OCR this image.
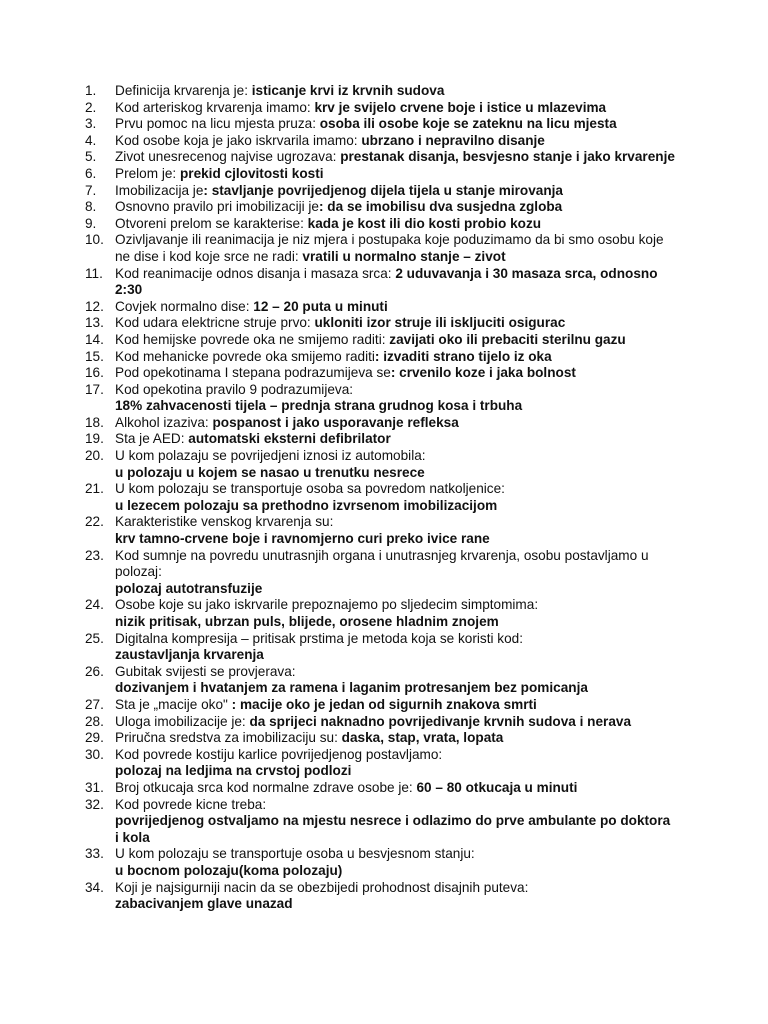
1.	Definicija krvarenja je: isticanje krvi iz krvnih sudova
2.	Kod arteriskog krvarenja imamo: krv je svijelo crvene boje i istice u mlazevima
3.	Prvu pomoc na licu mjesta pruza: osoba ili osobe koje se zateknu na licu mjesta
4.	Kod osobe koja je jako iskrvarila imamo: ubrzano i nepravilno disanje
5.	Zivot unesrecenog najvise ugrozava: prestanak disanja, besvjesno stanje i jako krvarenje
6.	Prelom je: prekid cjlovitosti kosti
7.	Imobilizacija je: stavljanje povrijedjenog dijela tijela u stanje mirovanja
8.	Osnovno pravilo pri imobilizaciji je: da se imobilisu dva susjedna zgloba
9.	Otvoreni prelom se karakterise: kada je kost ili dio kosti probio kozu
10. Ozivljavanje ili reanimacija je niz mjera i postupaka koje poduzimamo da bi smo osobu koje ne dise i kod koje srce ne radi: vratili u normalno stanje – zivot
11. Kod reanimacije odnos disanja i masaza srca: 2 uduvavanja i 30 masaza srca, odnosno 2:30
12. Covjek normalno dise: 12 – 20 puta u minuti
13. Kod udara elektricne struje prvo: ukloniti izor struje ili iskljuciti osigurac
14. Kod hemijske povrede oka ne smijemo raditi: zavijati oko ili prebaciti sterilnu gazu
15. Kod mehanicke povrede oka smijemo raditi: izvaditi strano tijelo iz oka
16. Pod opekotinama I stepana podrazumijeva se: crvenilo koze i jaka bolnost
17. Kod opekotina pravilo 9 podrazumijeva:
18% zahvacenosti tijela – prednja strana grudnog kosa i trbuha
18. Alkohol izaziva: pospanost i jako usporavanje refleksa
19. Sta je AED: automatski eksterni defibrilator
20. U kom polazaju se povrijedjeni iznosi iz automobila:
u polozaju u kojem se nasao u trenutku nesrece
21. U kom polozaju se transportuje osoba sa povredom natkoljenice:
u lezecem polozaju sa prethodno izvrsenom imobilizacijom
22. Karakteristike venskog krvarenja su:
krv tamno-crvene boje i ravnomjerno curi preko ivice rane
23. Kod sumnje na povredu unutrasnjih organa i unutrasnjeg krvarenja, osobu postavljamo u polozaj:
polozaj autotransfuzije
24. Osobe koje su jako iskrvarile prepoznajemo po sljedecim simptomima:
nizik pritisak, ubrzan puls, blijede, orosene hladnim znojem
25. Digitalna kompresija – pritisak prstima je metoda koja se koristi kod:
zaustavljanja krvarenja
26. Gubitak svijesti se provjerava:
dozivanjem i hvatanjem za ramena i laganim protresanjem bez pomicanja
27. Sta je „macije oko" : macije oko je jedan od sigurnih znakova smrti
28. Uloga imobilizacije je: da sprijeci naknadno povrijedivanje krvnih sudova i nerava
29. Priručna sredstva za imobilizaciju su: daska, stap, vrata, lopata
30. Kod povrede kostiju karlice povrijedjenog postavljamo:
polozaj na ledjima na crvstoj podlozi
31. Broj otkucaja srca kod normalne zdrave osobe je: 60 – 80 otkucaja u minuti
32. Kod povrede kicne treba:
povrijedjenog ostvaljamo na mjestu nesrece i odlazimo do prve ambulante po doktora i kola
33. U kom polozaju se transportuje osoba u besvjesnom stanju:
u bocnom polozaju(koma polozaju)
34. Koji je najsigurniji nacin da se obezbijedi prohodnost disajnih puteva:
zabacivanjem glave unazad
